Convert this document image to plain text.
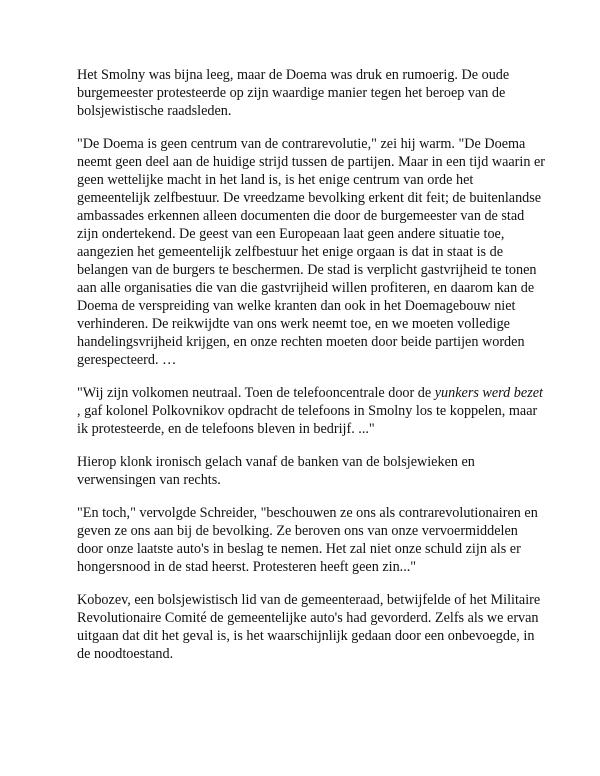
Het Smolny was bijna leeg, maar de Doema was druk en rumoerig. De oude burgemeester protesteerde op zijn waardige manier tegen het beroep van de bolsjewistische raadsleden.

"De Doema is geen centrum van de contrarevolutie," zei hij warm. "De Doema neemt geen deel aan de huidige strijd tussen de partijen. Maar in een tijd waarin er geen wettelijke macht in het land is, is het enige centrum van orde het gemeentelijk zelfbestuur. De vreedzame bevolking erkent dit feit; de buitenlandse ambassades erkennen alleen documenten die door de burgemeester van de stad zijn ondertekend. De geest van een Europeaan laat geen andere situatie toe, aangezien het gemeentelijk zelfbestuur het enige orgaan is dat in staat is de belangen van de burgers te beschermen. De stad is verplicht gastvrijheid te tonen aan alle organisaties die van die gastvrijheid willen profiteren, en daarom kan de Doema de verspreiding van welke kranten dan ook in het Doemagebouw niet verhinderen. De reikwijdte van ons werk neemt toe, en we moeten volledige handelingsvrijheid krijgen, en onze rechten moeten door beide partijen worden gerespecteerd. …

"Wij zijn volkomen neutraal. Toen de telefooncentrale door de yunkers werd bezet , gaf kolonel Polkovnikov opdracht de telefoons in Smolny los te koppelen, maar ik protesteerde, en de telefoons bleven in bedrijf. ..."

Hierop klonk ironisch gelach vanaf de banken van de bolsjewieken en verwensingen van rechts.

"En toch," vervolgde Schreider, "beschouwen ze ons als contrarevolutionairen en geven ze ons aan bij de bevolking. Ze beroven ons van onze vervoermiddelen door onze laatste auto's in beslag te nemen. Het zal niet onze schuld zijn als er hongersnood in de stad heerst. Protesteren heeft geen zin..."

Kobozev, een bolsjewistisch lid van de gemeenteraad, betwijfelde of het Militaire Revolutionaire Comité de gemeentelijke auto's had gevorderd. Zelfs als we ervan uitgaan dat dit het geval is, is het waarschijnlijk gedaan door een onbevoegde, in de noodtoestand.
